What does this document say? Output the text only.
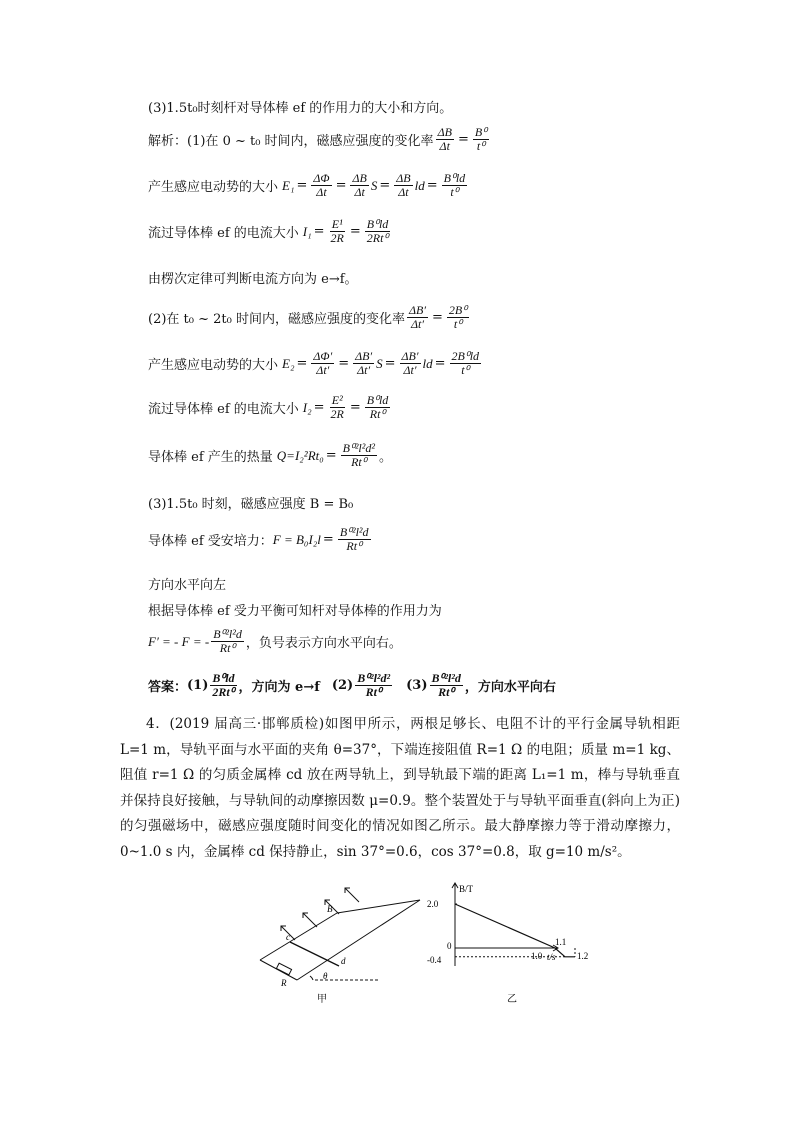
(3)1.5t₀时刻杆对导体棒 ef 的作用力的大小和方向。
解析： (1)在 0 ~ t₀ 时间内，磁感应强度的变化率 $\frac{\Delta B}{\Delta t} = \frac{\text{B⁰}}{\text{t⁰}}$
产生感应电动势的大小 $E_1 = \frac{\Delta\Phi}{\Delta t} = \frac{\Delta B}{\Delta t}$ $S = \frac{\Delta B}{\Delta t}$ ld = $\frac{\text{B⁰ld}}{\text{t⁰}}$
流过导体棒 ef 的电流大小 $I_1 = \frac{\text{E¹}}{2R} = \frac{\text{B⁰ld}}{\text{2Rt⁰}}$
由楞次定律可判断电流方向为 e→f。
(2)在 t₀ ~ 2t₀ 时间内，磁感应强度的变化率 $\frac{\Delta B'}{\Delta t'} = \frac{\text{2B⁰}}{\text{t⁰}}$
产生感应电动势的大小 $E_2 = \frac{\Delta\Phi'}{\Delta t'} = \frac{\Delta B'}{\Delta t'}$ $S = \frac{\Delta B'}{\Delta t'}$ ld = $\frac{\text{2B⁰ld}}{\text{t⁰}}$
流过导体棒 ef 的电流大小 $I_2 = \frac{\text{E²}}{2R} = \frac{\text{B⁰ld}}{\text{Rt⁰}}$
导体棒 ef 产生的热量 $Q=I_2^2Rt_0 = \frac{\text{B⁰²l²d²}}{\text{Rt⁰}}$ 。
(3)1.5t₀ 时刻，磁感应强度 B = B₀
导体棒 ef 受安培力： $F = B_0I_2l = \frac{\text{B⁰²l²d}}{\text{Rt⁰}}$
方向水平向左
根据导体棒 ef 受力平衡可知杆对导体棒的作用力为
F′ = - F = - $\frac{\text{B⁰²l²d}}{\text{Rt⁰}}$ ，负号表示方向水平向右。
答案： $(1) \frac{\text{B⁰ld}}{\text{2Rt⁰}}$ ，方向为 e→f $(2) \frac{\text{B⁰²l²d²}}{\text{Rt⁰}} (3) \frac{\text{B⁰²l²d}}{\text{Rt⁰}}$ ，方向水平向右
4．(2019 届高三·邯郸质检)如图甲所示，两根足够长、电阻不计的平行金属导轨相距 L=1 m，导轨平面与水平面的夹角 θ=37°，下端连接阻值 R=1 Ω 的电阻；质量 m=1 kg、阻值 r=1 Ω 的匀质金属棒 cd 放在两导轨上，到导轨最下端的距离 L₁=1 m，棒与导轨垂直并保持良好接触，与导轨间的动摩擦因数 μ=0.9。整个装置处于与导轨平面垂直(斜向上为正)的匀强磁场中，磁感应强度随时间变化的情况如图乙所示。最大静摩擦力等于滑动摩擦力，0~1.0 s 内，金属棒 cd 保持静止，sin 37°=0.6，cos 37°=0.8，取 g=10 m/s²。
B
c
d
R
θ
甲
B/T
t/s
2.0
0
-0.4	1.0
1.1
1.2
乙
